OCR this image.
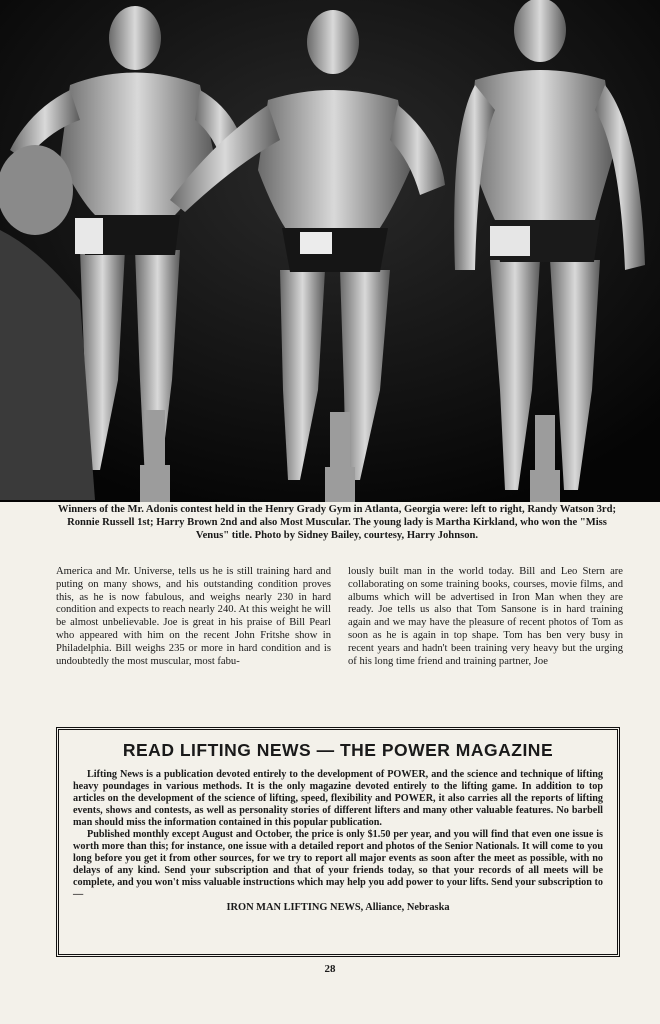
Winners of the Mr. Adonis contest held in the Henry Grady Gym in Atlanta, Georgia were: left to right, Randy Watson 3rd; Ronnie Russell 1st; Harry Brown 2nd and also Most Muscular. The young lady is Martha Kirkland, who won the "Miss Venus" title. Photo by Sidney Bailey, courtesy, Harry Johnson.
America and Mr. Universe, tells us he is still training hard and puting on many shows, and his outstanding condition proves this, as he is now fabulous, and weighs nearly 230 in hard condition and expects to reach nearly 240. At this weight he will be almost unbelievable. Joe is great in his praise of Bill Pearl who appeared with him on the recent John Fritshe show in Philadelphia. Bill weighs 235 or more in hard condition and is undoubtedly the most muscular, most fabu-
lously built man in the world today. Bill and Leo Stern are collaborating on some training books, courses, movie films, and albums which will be advertised in Iron Man when they are ready. Joe tells us also that Tom Sansone is in hard training again and we may have the pleasure of recent photos of Tom as soon as he is again in top shape. Tom has ben very busy in recent years and hadn't been training very heavy but the urging of his long time friend and training partner, Joe
READ LIFTING NEWS — THE POWER MAGAZINE

Lifting News is a publication devoted entirely to the development of POWER, and the science and technique of lifting heavy poundages in various methods. It is the only magazine devoted entirely to the lifting game. In addition to top articles on the development of the science of lifting, speed, flexibility and POWER, it also carries all the reports of lifting events, shows and contests, as well as personality stories of different lifters and many other valuable features. No barbell man should miss the information contained in this popular publication.

Published monthly except August and October, the price is only $1.50 per year, and you will find that even one issue is worth more than this; for instance, one issue with a detailed report and photos of the Senior Nationals. It will come to you long before you get it from other sources, for we try to report all major events as soon after the meet as possible, with no delays of any kind. Send your subscription and that of your friends today, so that your records of all meets will be complete, and you won't miss valuable instructions which may help you add power to your lifts. Send your subscription to—

IRON MAN LIFTING NEWS, Alliance, Nebraska
28
